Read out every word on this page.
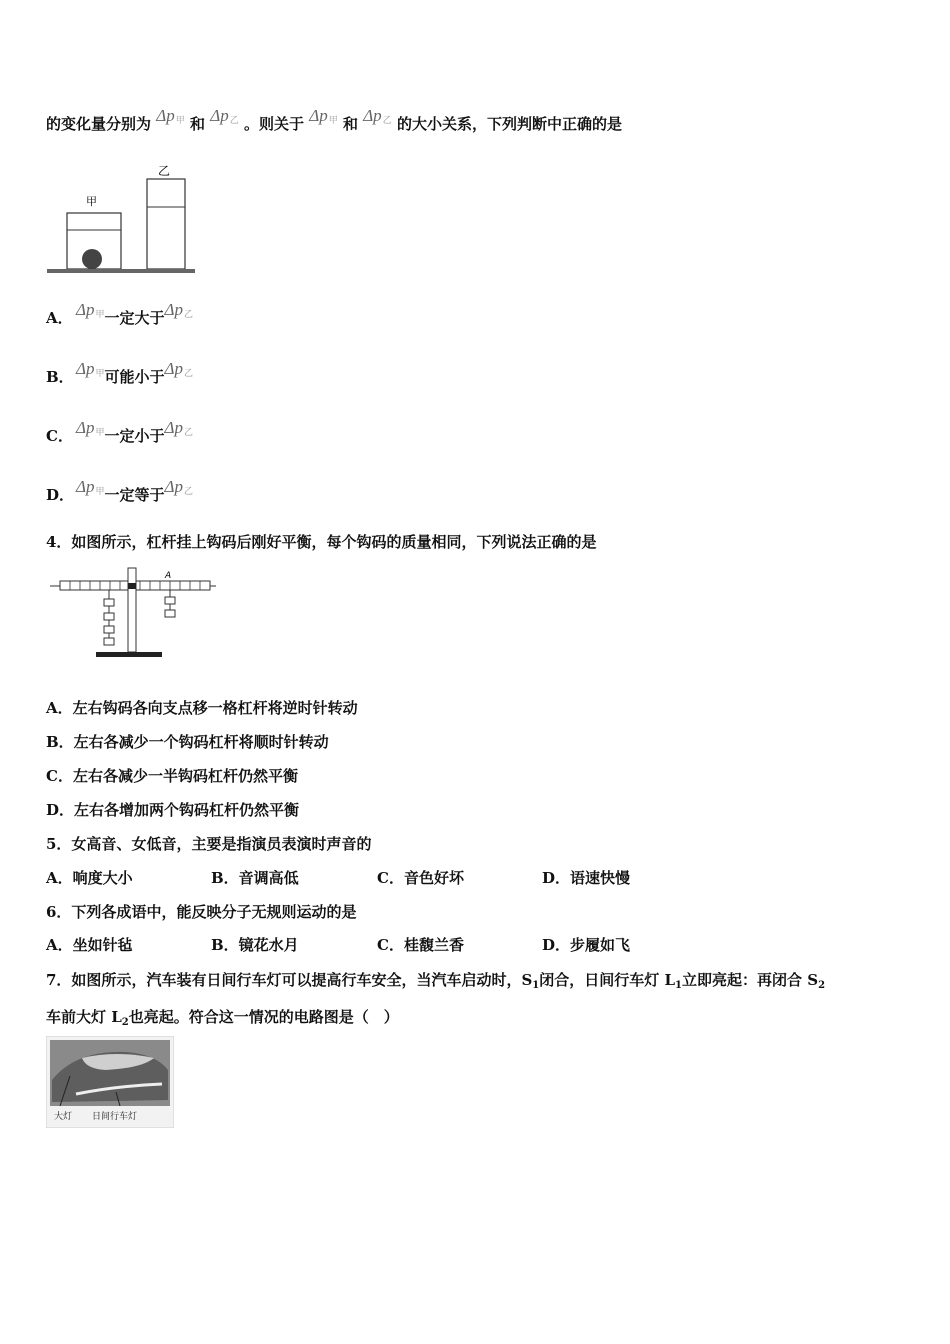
的变化量分别为 $\Delta p_甲$ 和 $\Delta p_乙$ 。则关于 $\Delta p_甲$ 和 $\Delta p_乙$ 的大小关系，下列判断中正确的是
甲
乙
A． $\Delta p_甲$一定大于$\Delta p_乙$
B． $\Delta p_甲$可能小于$\Delta p_乙$
C． $\Delta p_甲$一定小于$\Delta p_乙$
D． $\Delta p_甲$一定等于$\Delta p_乙$
4．如图所示，杠杆挂上钩码后刚好平衡，每个钩码的质量相同，下列说法正确的是
A
A．左右钩码各向支点移一格杠杆将逆时针转动
B．左右各减少一个钩码杠杆将顺时针转动
C．左右各减少一半钩码杠杆仍然平衡
D．左右各增加两个钩码杠杆仍然平衡
5．女高音、女低音，主要是指演员表演时声音的
A．响度大小	B．音调高低	C．音色好坏	D．语速快慢
6．下列各成语中，能反映分子无规则运动的是
A．坐如针毡	B．镜花水月	C．桂馥兰香	D．步履如飞
7．如图所示，汽车装有日间行车灯可以提高行车安全，当汽车启动时，$S_1$闭合，日间行车灯 $L_1$立即亮起：再闭合 $S_2$
车前大灯 $L_2$也亮起。符合这一情况的电路图是（　）
大灯 日间行车灯
